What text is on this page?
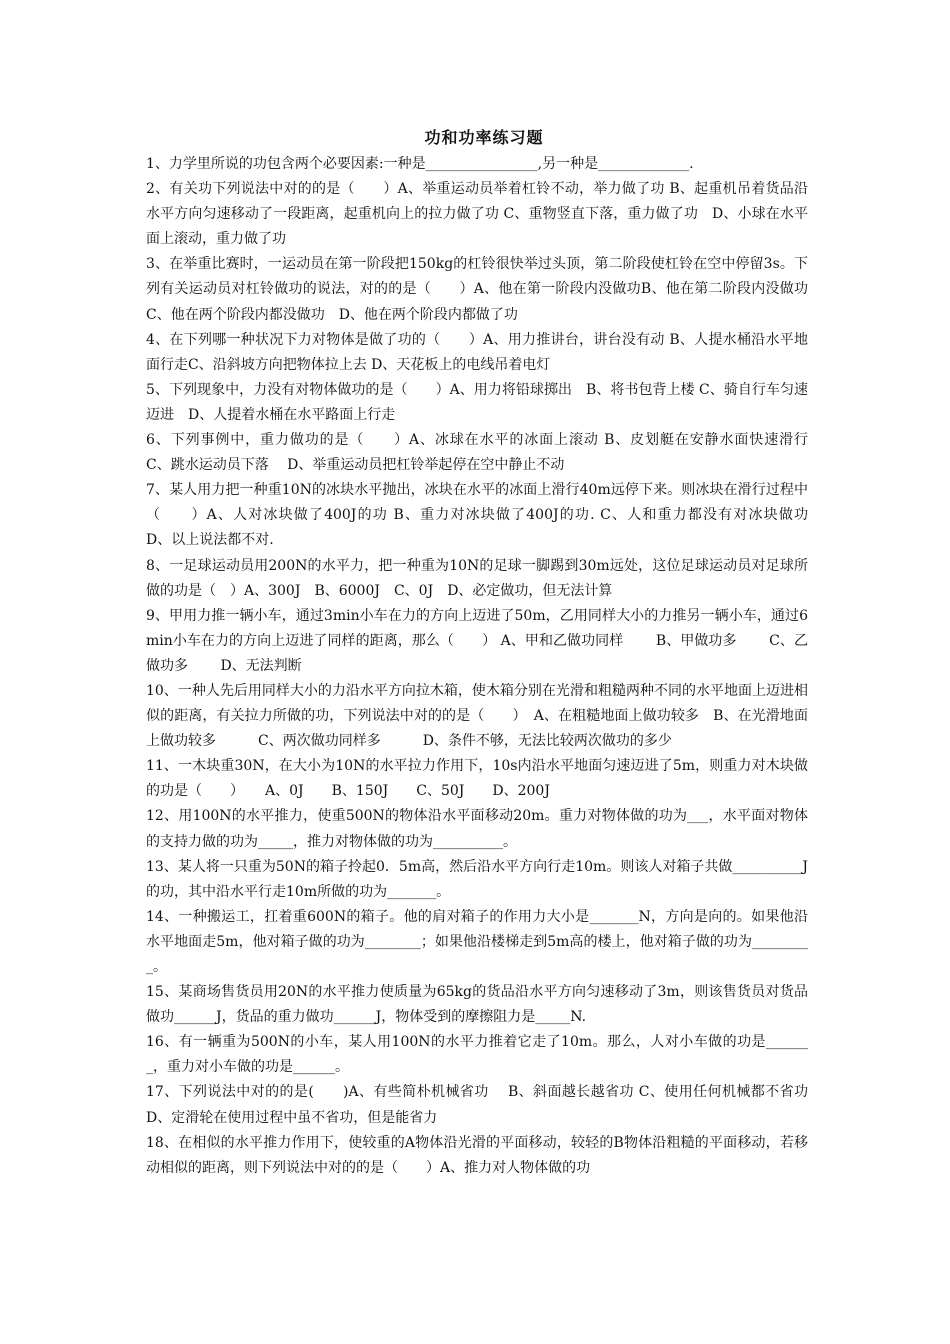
功和功率练习题

1、力学里所说的功包含两个必要因素:一种是________________,另一种是_____________.

2、有关功下列说法中对的的是（　　）A、举重运动员举着杠铃不动，举力做了功 B、起重机吊着货品沿水平方向匀速移动了一段距离，起重机向上的拉力做了功 C、重物竖直下落，重力做了功　D、小球在水平面上滚动，重力做了功

3、在举重比赛时，一运动员在第一阶段把150kg的杠铃很快举过头顶，第二阶段使杠铃在空中停留3s。下列有关运动员对杠铃做功的说法，对的的是（　　）A、他在第一阶段内没做功B、他在第二阶段内没做功C、他在两个阶段内都没做功　D、他在两个阶段内都做了功

4、在下列哪一种状况下力对物体是做了功的（　　）A、用力推讲台，讲台没有动 B、人提水桶沿水平地面行走C、沿斜坡方向把物体拉上去 D、天花板上的电线吊着电灯

5、下列现象中，力没有对物体做功的是（　　）A、用力将铅球掷出　B、将书包背上楼 C、骑自行车匀速迈进　D、人提着水桶在水平路面上行走

6、下列事例中，重力做功的是（　　）A、冰球在水平的冰面上滚动 B、皮划艇在安静水面快速滑行　 C、跳水运动员下落　 D、举重运动员把杠铃举起停在空中静止不动

7、某人用力把一种重10N的冰块水平抛出，冰块在水平的冰面上滑行40m远停下来。则冰块在滑行过程中（　　）A、人对冰块做了400J的功 B、重力对冰块做了400J的功. C、人和重力都没有对冰块做功　　 D、以上说法都不对.

8、一足球运动员用200N的水平力，把一种重为10N的足球一脚踢到30m远处，这位足球运动员对足球所做的功是（　）A、300J　B、6000J　C、0J　D、必定做功，但无法计算

9、甲用力推一辆小车，通过3min小车在力的方向上迈进了50m，乙用同样大小的力推另一辆小车，通过6min小车在力的方向上迈进了同样的距离，那么（　　） A、甲和乙做功同样　　 B、甲做功多　　 C、乙做功多　　 D、无法判断

10、一种人先后用同样大小的力沿水平方向拉木箱，使木箱分别在光滑和粗糙两种不同的水平地面上迈进相似的距离，有关拉力所做的功，下列说法中对的的是（　　）　A、在粗糙地面上做功较多　B、在光滑地面上做功较多　　　C、两次做功同样多　　　D、条件不够，无法比较两次做功的多少

11、一木块重30N，在大小为10N的水平拉力作用下，10s内沿水平地面匀速迈进了5m，则重力对木块做的功是（　　）　　A、0J　　B、150J　　C、50J　　D、200J

12、用100N的水平推力，使重500N的物体沿水平面移动20m。重力对物体做的功为___，水平面对物体的支持力做的功为_____，推力对物体做的功为__________。

13、某人将一只重为50N的箱子拎起0．5m高，然后沿水平方向行走10m。则该人对箱子共做__________J的功，其中沿水平行走10m所做的功为_______。

14、一种搬运工，扛着重600N的箱子。他的肩对箱子的作用力大小是_______N，方向是向的。如果他沿水平地面走5m，他对箱子做的功为________；如果他沿楼梯走到5m高的楼上，他对箱子做的功为_________。

15、某商场售货员用20N的水平推力使质量为65kg的货品沿水平方向匀速移动了3m，则该售货员对货品做功______J，货品的重力做功______J，物体受到的摩擦阻力是_____N.

16、有一辆重为500N的小车，某人用100N的水平力推着它走了10m。那么，人对小车做的功是_______，重力对小车做的功是______。

17、下列说法中对的的是(　　)A、有些简朴机械省功　 B、斜面越长越省功 C、使用任何机械都不省功　D、定滑轮在使用过程中虽不省功，但是能省力

18、在相似的水平推力作用下，使较重的A物体沿光滑的平面移动，较轻的B物体沿粗糙的平面移动，若移动相似的距离，则下列说法中对的的是（　　）A、推力对人物体做的功
